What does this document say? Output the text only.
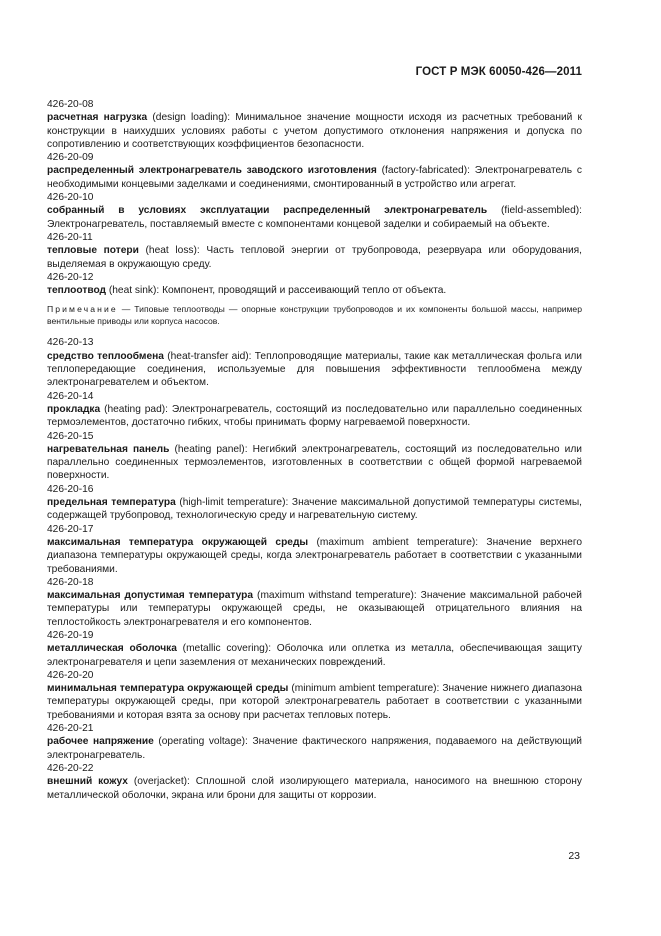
ГОСТ Р МЭК 60050-426—2011
426-20-08
расчетная нагрузка (design loading): Минимальное значение мощности исходя из расчетных требований к конструкции в наихудших условиях работы с учетом допустимого отклонения напряжения и допуска по сопротивлению и соответствующих коэффициентов безопасности.
426-20-09
распределенный электронагреватель заводского изготовления (factory-fabricated): Электронагреватель с необходимыми концевыми заделками и соединениями, смонтированный в устройство или агрегат.
426-20-10
собранный в условиях эксплуатации распределенный электронагреватель (field-assembled): Электронагреватель, поставляемый вместе с компонентами концевой заделки и собираемый на объекте.
426-20-11
тепловые потери (heat loss): Часть тепловой энергии от трубопровода, резервуара или оборудования, выделяемая в окружающую среду.
426-20-12
теплоотвод (heat sink): Компонент, проводящий и рассеивающий тепло от объекта.
Примечание — Типовые теплоотводы — опорные конструкции трубопроводов и их компоненты большой массы, например вентильные приводы или корпуса насосов.
426-20-13
средство теплообмена (heat-transfer aid): Теплопроводящие материалы, такие как металлическая фольга или теплопередающие соединения, используемые для повышения эффективности теплообмена между электронагревателем и объектом.
426-20-14
прокладка (heating pad): Электронагреватель, состоящий из последовательно или параллельно соединенных термоэлементов, достаточно гибких, чтобы принимать форму нагреваемой поверхности.
426-20-15
нагревательная панель (heating panel): Негибкий электронагреватель, состоящий из последовательно или параллельно соединенных термоэлементов, изготовленных в соответствии с общей формой нагреваемой поверхности.
426-20-16
предельная температура (high-limit temperature): Значение максимальной допустимой температуры системы, содержащей трубопровод, технологическую среду и нагревательную систему.
426-20-17
максимальная температура окружающей среды (maximum ambient temperature): Значение верхнего диапазона температуры окружающей среды, когда электронагреватель работает в соответствии с указанными требованиями.
426-20-18
максимальная допустимая температура (maximum withstand temperature): Значение максимальной рабочей температуры или температуры окружающей среды, не оказывающей отрицательного влияния на теплостойкость электронагревателя и его компонентов.
426-20-19
металлическая оболочка (metallic covering): Оболочка или оплетка из металла, обеспечивающая защиту электронагревателя и цепи заземления от механических повреждений.
426-20-20
минимальная температура окружающей среды (minimum ambient temperature): Значение нижнего диапазона температуры окружающей среды, при которой электронагреватель работает в соответствии с указанными требованиями и которая взята за основу при расчетах тепловых потерь.
426-20-21
рабочее напряжение (operating voltage): Значение фактического напряжения, подаваемого на действующий электронагреватель.
426-20-22
внешний кожух (overjacket): Сплошной слой изолирующего материала, наносимого на внешнюю сторону металлической оболочки, экрана или брони для защиты от коррозии.
23
